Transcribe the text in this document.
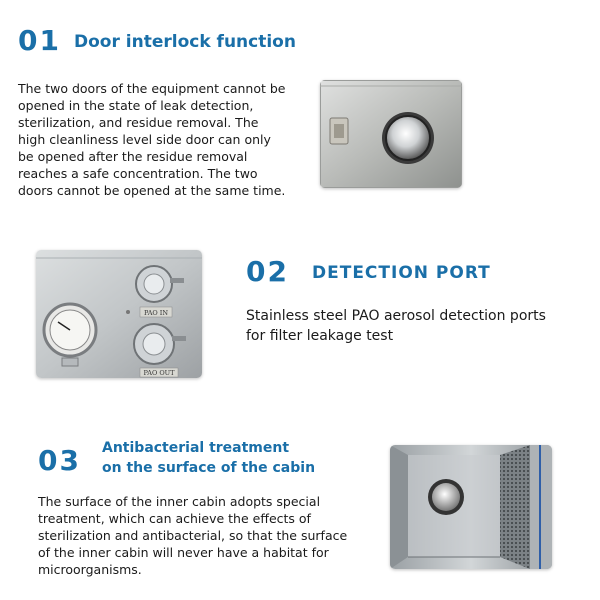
01 Door interlock function
The two doors of the equipment cannot be opened in the state of leak detection, sterilization, and residue removal. The high cleanliness level side door can only be opened after the residue removal reaches a safe concentration. The two doors cannot be opened at the same time.
PAO IN
PAO OUT
02 DETECTION PORT
Stainless steel PAO aerosol detection ports for filter leakage test
03 Antibacterial treatment
on the surface of the cabin
The surface of the inner cabin adopts special treatment, which can achieve the effects of sterilization and antibacterial, so that the surface of the inner cabin will never have a habitat for microorganisms.
